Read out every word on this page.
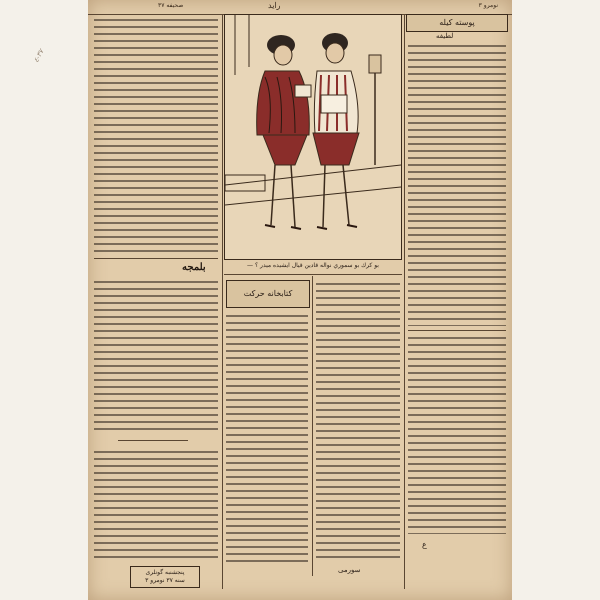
٣٧-٤
ﺻﺤﻴﻔﻪ ٣٧	ﺭﺍﻳﺪ	ﻧﻮﻣﺮﻭ ٣
ﺑﻠﻤﺠﻪ	— ﺑﻮ ﻛﺮﻙ ﺑﻮ ﺳﻤﻮﺭﻱ ﻧﻮﺍﻟﻪ ﻗﺎﺩﻳﻦ ﻗﻴﺎﻝ ﺍﻳﺸﻴﺪﻩ ﻣﻴﺪﺭ ؟
ﻛﺘﺎﺑﺨﺎﻧﻪ ﺣﺮﻛﺖ
ﭘﻮﺳﺘﻪ ﻛﻴﻠﻪ
ﻟﻄﻴﻔﻪ
ﻉ
ﭘﻨﺠﺸﻨﺒﻪ ﮔﻮﻧﻠﺮﻯ
ﺳﻨﻪ ٣٧ ﻧﻮﻣﺮﻭ ٣
ﺳﻮﺭﻣﻰ
